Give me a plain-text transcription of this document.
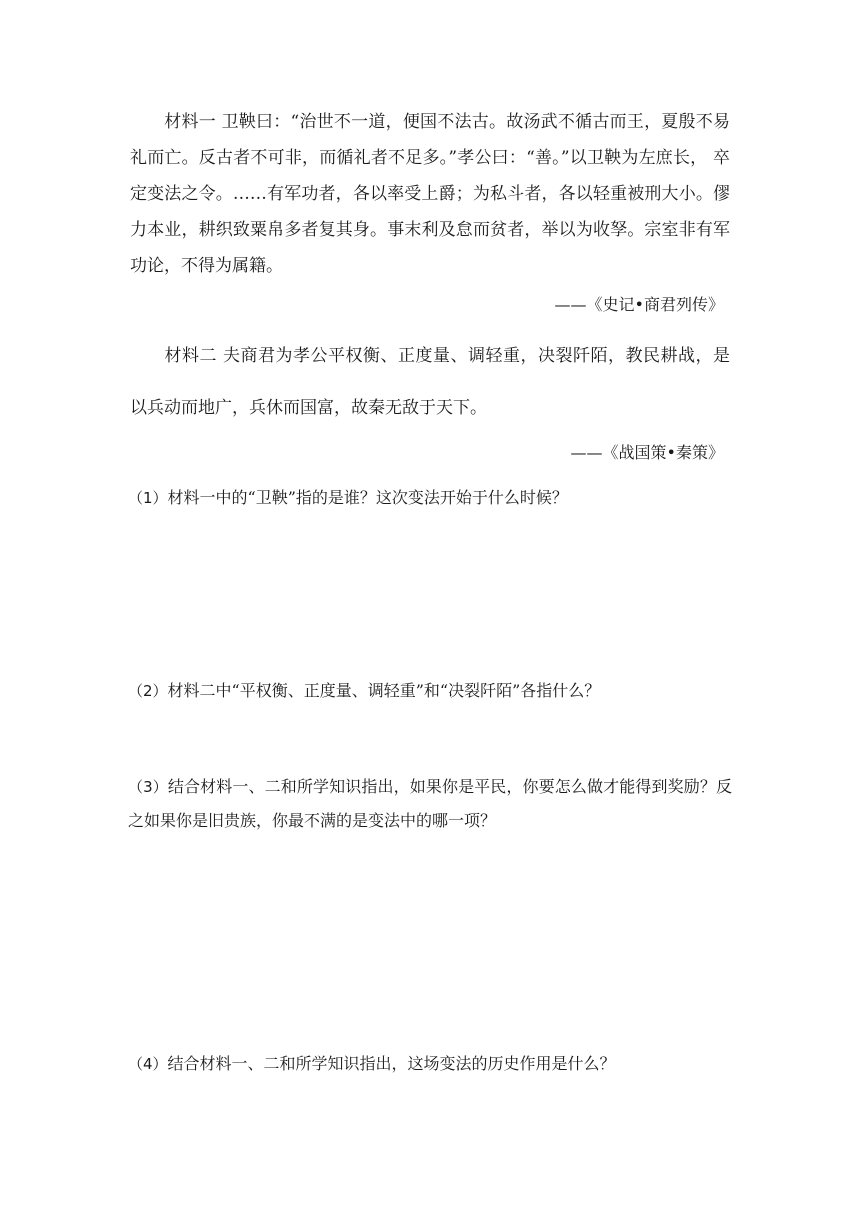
材料一 卫鞅曰：“治世不一道，便国不法古。故汤武不循古而王，夏殷不易礼而亡。反古者不可非，而循礼者不足多。”孝公曰：“善。”以卫鞅为左庶长， 卒定变法之令。……有军功者，各以率受上爵；为私斗者，各以轻重被刑大小。僇力本业，耕织致粟帛多者复其身。事末利及怠而贫者，举以为收孥。宗室非有军功论，不得为属籍。

——《史记•商君列传》

材料二 夫商君为孝公平权衡、正度量、调轻重，决裂阡陌，教民耕战，是以兵动而地广，兵休而国富，故秦无敌于天下。

——《战国策•秦策》

（1）材料一中的“卫鞅”指的是谁？这次变法开始于什么时候？

（2）材料二中“平权衡、正度量、调轻重”和“决裂阡陌”各指什么？

（3）结合材料一、二和所学知识指出，如果你是平民，你要怎么做才能得到奖励？反之如果你是旧贵族，你最不满的是变法中的哪一项？

（4）结合材料一、二和所学知识指出，这场变法的历史作用是什么？
